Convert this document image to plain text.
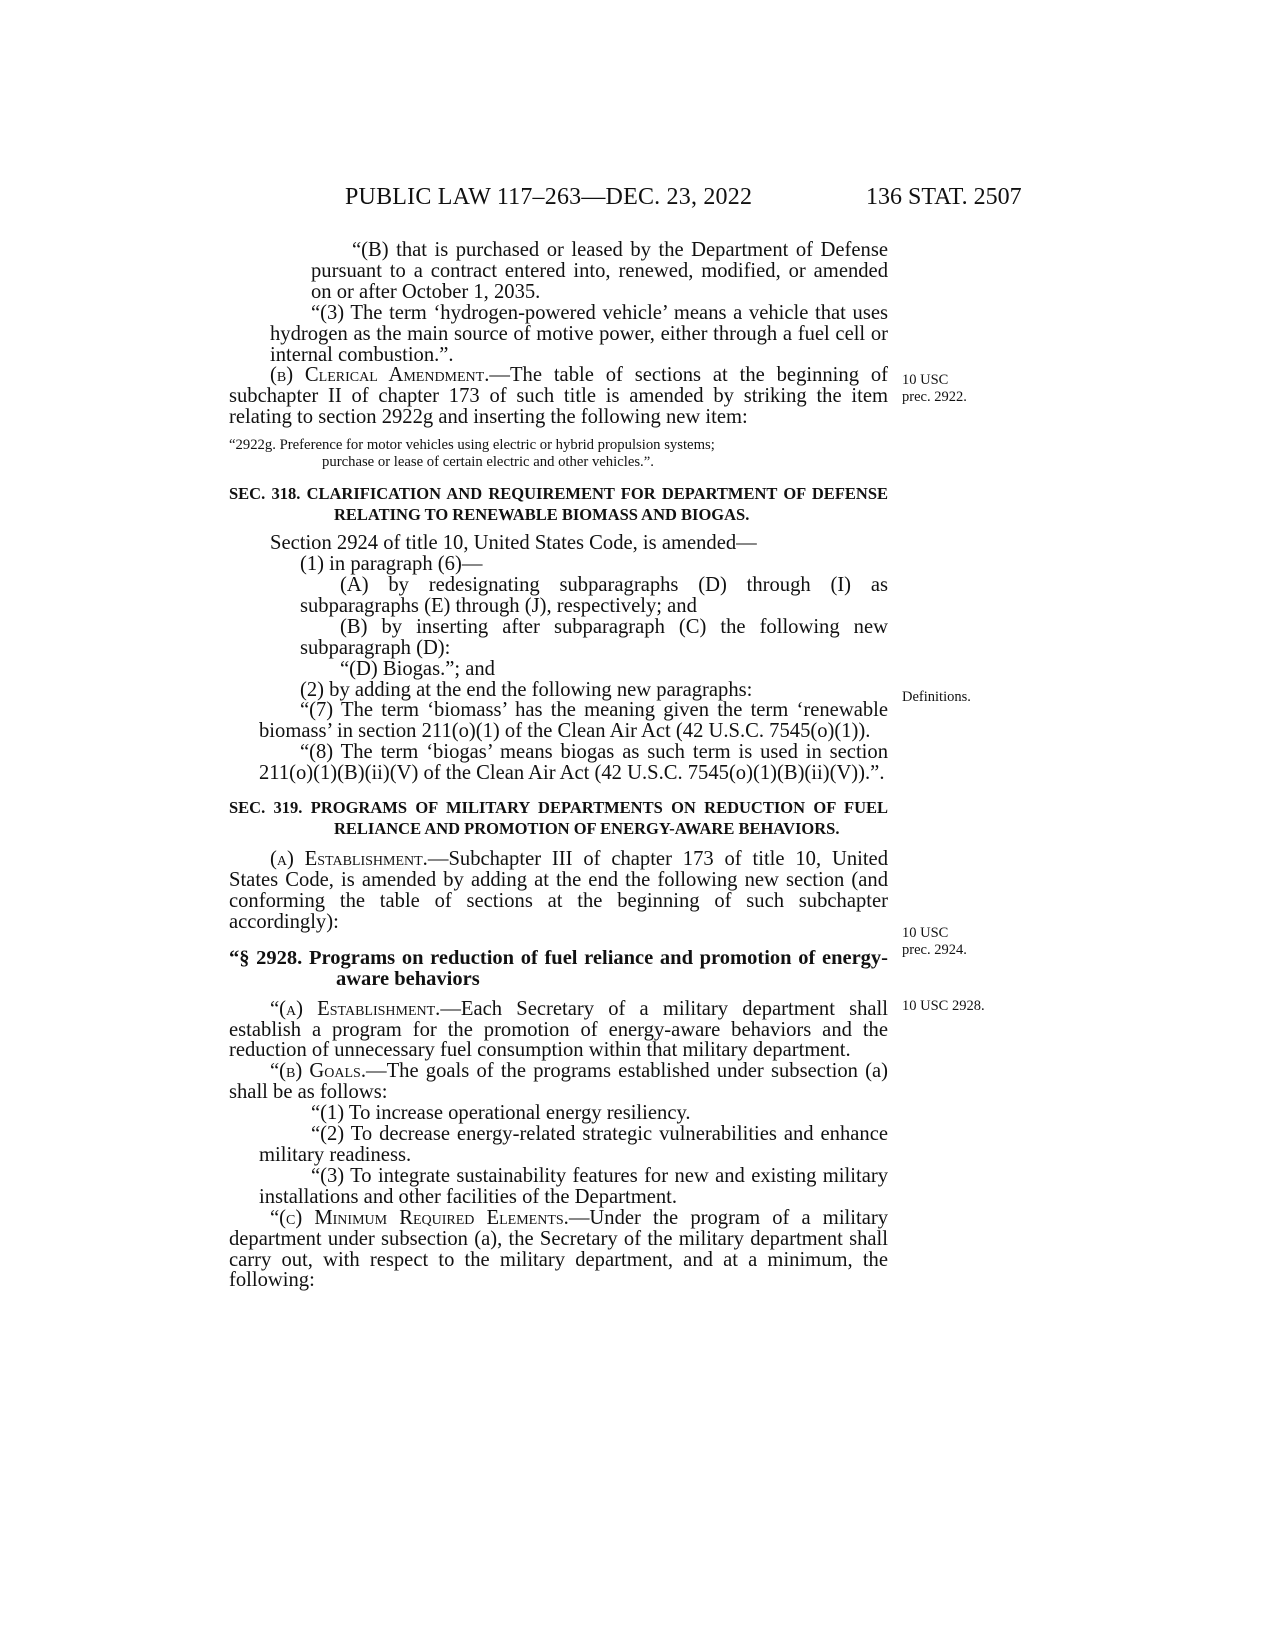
PUBLIC LAW 117–263—DEC. 23, 2022	136 STAT. 2507

“(B) that is purchased or leased by the Department of Defense pursuant to a contract entered into, renewed, modified, or amended on or after October 1, 2035.

“(3) The term ‘hydrogen-powered vehicle’ means a vehicle that uses hydrogen as the main source of motive power, either through a fuel cell or internal combustion.”.

(b) Clerical Amendment.—The table of sections at the beginning of subchapter II of chapter 173 of such title is amended by striking the item relating to section 2922g and inserting the following new item:

“2922g. Preference for motor vehicles using electric or hybrid propulsion systems;
purchase or lease of certain electric and other vehicles.”.

SEC. 318. CLARIFICATION AND REQUIREMENT FOR DEPARTMENT OF DEFENSE RELATING TO RENEWABLE BIOMASS AND BIOGAS.

Section 2924 of title 10, United States Code, is amended—

(1) in paragraph (6)—

(A) by redesignating subparagraphs (D) through (I) as subparagraphs (E) through (J), respectively; and

(B) by inserting after subparagraph (C) the following new subparagraph (D):

“(D) Biogas.”; and

(2) by adding at the end the following new paragraphs:

“(7) The term ‘biomass’ has the meaning given the term ‘renewable biomass’ in section 211(o)(1) of the Clean Air Act (42 U.S.C. 7545(o)(1)).

“(8) The term ‘biogas’ means biogas as such term is used in section 211(o)(1)(B)(ii)(V) of the Clean Air Act (42 U.S.C. 7545(o)(1)(B)(ii)(V)).”.

SEC. 319. PROGRAMS OF MILITARY DEPARTMENTS ON REDUCTION OF FUEL RELIANCE AND PROMOTION OF ENERGY-AWARE BEHAVIORS.

(a) Establishment.—Subchapter III of chapter 173 of title 10, United States Code, is amended by adding at the end the following new section (and conforming the table of sections at the beginning of such subchapter accordingly):

“§ 2928. Programs on reduction of fuel reliance and promotion of energy-aware behaviors

“(a) Establishment.—Each Secretary of a military department shall establish a program for the promotion of energy-aware behaviors and the reduction of unnecessary fuel consumption within that military department.

“(b) Goals.—The goals of the programs established under subsection (a) shall be as follows:

“(1) To increase operational energy resiliency.

“(2) To decrease energy-related strategic vulnerabilities and enhance military readiness.

“(3) To integrate sustainability features for new and existing military installations and other facilities of the Department.

“(c) Minimum Required Elements.—Under the program of a military department under subsection (a), the Secretary of the military department shall carry out, with respect to the military department, and at a minimum, the following:

10 USC
prec. 2922.
Definitions.
10 USC
prec. 2924.
10 USC 2928.
